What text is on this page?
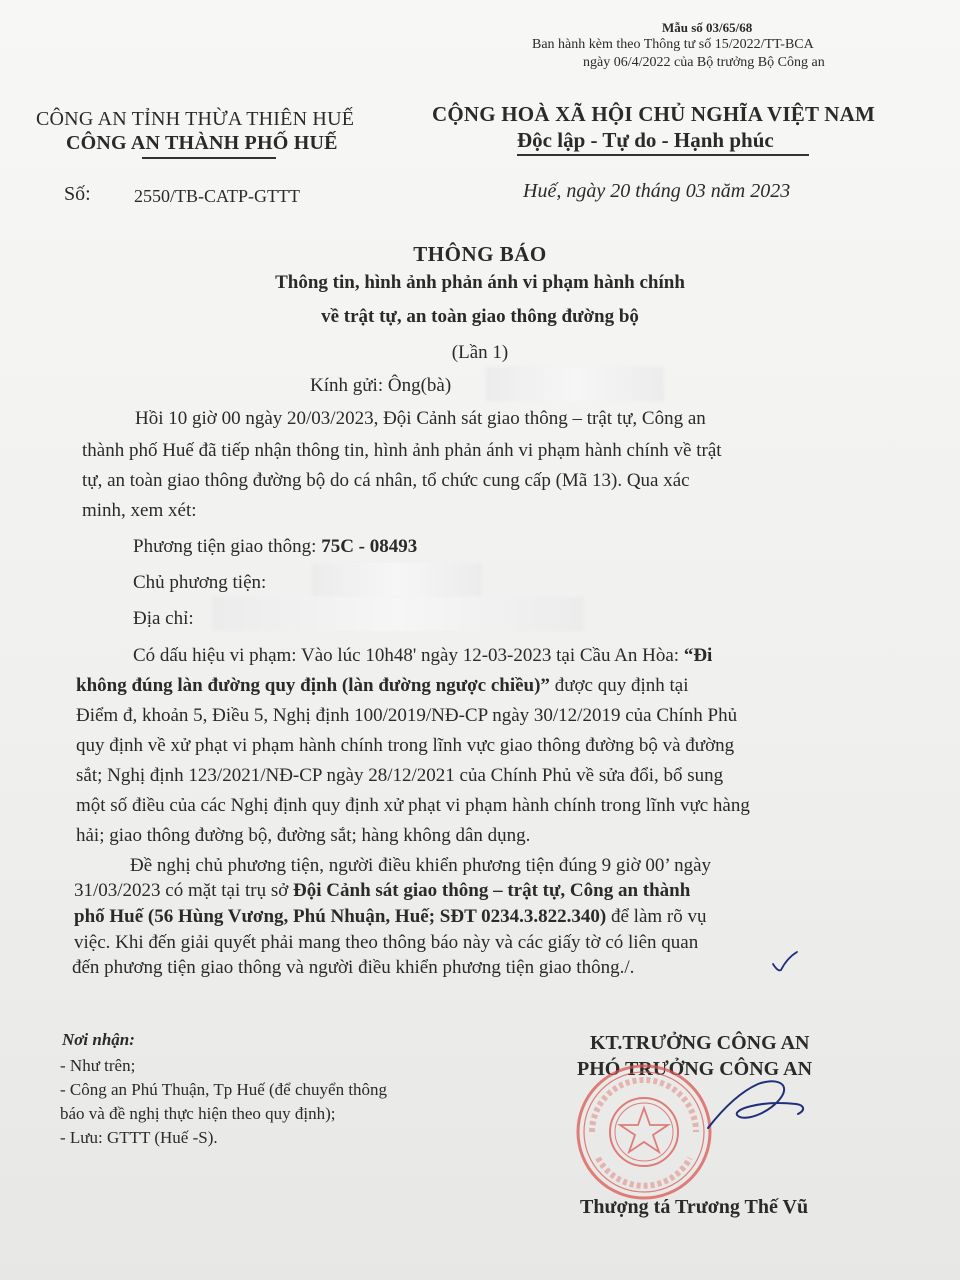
Mẫu số 03/65/68
Ban hành kèm theo Thông tư số 15/2022/TT-BCA
ngày 06/4/2022 của Bộ trưởng Bộ Công an
CÔNG AN TỈNH THỪA THIÊN HUẾ
CÔNG AN THÀNH PHỐ HUẾ
CỘNG HOÀ XÃ HỘI CHỦ NGHĨA VIỆT NAM
Độc lập - Tự do - Hạnh phúc
Số: 2550/TB-CATP-GTTT	Huế, ngày 20 tháng 03 năm 2023
THÔNG BÁO
Thông tin, hình ảnh phản ánh vi phạm hành chính
về trật tự, an toàn giao thông đường bộ
(Lần 1)
Kính gửi: Ông(bà)
Hồi 10 giờ 00 ngày 20/03/2023, Đội Cảnh sát giao thông – trật tự, Công an
thành phố Huế đã tiếp nhận thông tin, hình ảnh phản ánh vi phạm hành chính về trật
tự, an toàn giao thông đường bộ do cá nhân, tổ chức cung cấp (Mã 13). Qua xác
minh, xem xét:
Phương tiện giao thông: 75C - 08493
Chủ phương tiện:
Địa chỉ:
Có dấu hiệu vi phạm: Vào lúc 10h48' ngày 12-03-2023 tại Cầu An Hòa: “Đi
không đúng làn đường quy định (làn đường ngược chiều)” được quy định tại
Điểm đ, khoản 5, Điều 5, Nghị định 100/2019/NĐ-CP ngày 30/12/2019 của Chính Phủ
quy định về xử phạt vi phạm hành chính trong lĩnh vực giao thông đường bộ và đường
sắt; Nghị định 123/2021/NĐ-CP ngày 28/12/2021 của Chính Phủ về sửa đổi, bổ sung
một số điều của các Nghị định quy định xử phạt vi phạm hành chính trong lĩnh vực hàng
hải; giao thông đường bộ, đường sắt; hàng không dân dụng.
Đề nghị chủ phương tiện, người điều khiển phương tiện đúng 9 giờ 00’ ngày
31/03/2023 có mặt tại trụ sở Đội Cảnh sát giao thông – trật tự, Công an thành
phố Huế (56 Hùng Vương, Phú Nhuận, Huế; SĐT 0234.3.822.340) để làm rõ vụ
việc. Khi đến giải quyết phải mang theo thông báo này và các giấy tờ có liên quan
đến phương tiện giao thông và người điều khiển phương tiện giao thông./.
Nơi nhận:
- Như trên;
- Công an Phú Thuận, Tp Huế (để chuyển thông
báo và đề nghị thực hiện theo quy định);
- Lưu: GTTT (Huế -S).
KT.TRƯỞNG CÔNG AN
PHÓ TRƯỞNG CÔNG AN
Thượng tá Trương Thế Vũ
